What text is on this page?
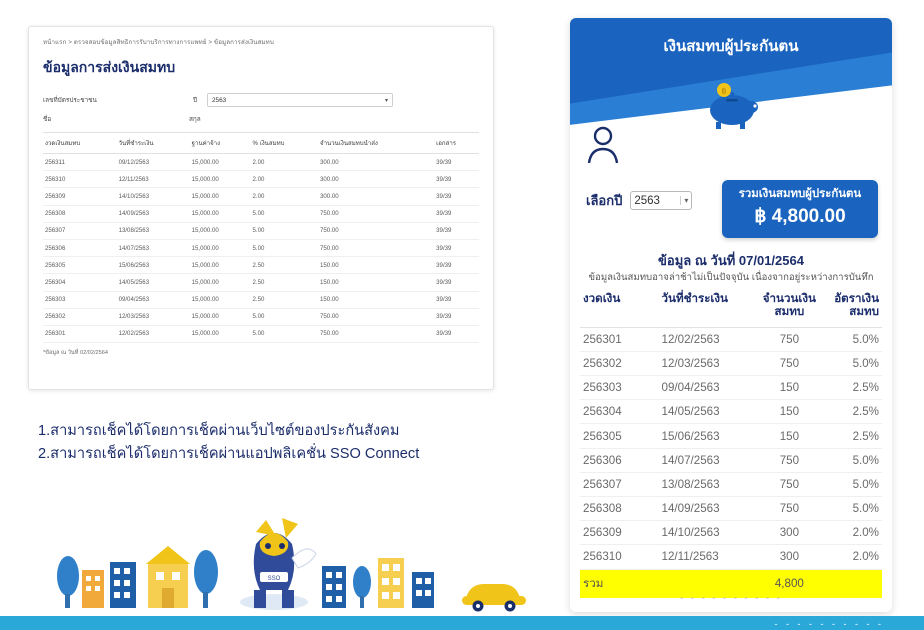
หน้าแรก > ตรวจสอบข้อมูลสิทธิการรับาบริการทางการแพทย์ > ข้อมูลการส่งเงินสมทบ
ข้อมูลการส่งเงินสมทบ
เลขที่บัตรประชาชน	ปี	2563	▾
ชื่อ	สกุล
งวดเงินสมทบ	วันที่ชำระเงิน	ฐานค่าจ้าง	% เงินสมทบ	จำนวนเงินสมทบนำส่ง	เอกสาร
256311	09/12/2563	15,000.00	2.00	300.00	39/39
256310	12/11/2563	15,000.00	2.00	300.00	39/39
256309	14/10/2563	15,000.00	2.00	300.00	39/39
256308	14/09/2563	15,000.00	5.00	750.00	39/39
256307	13/08/2563	15,000.00	5.00	750.00	39/39
256306	14/07/2563	15,000.00	5.00	750.00	39/39
256305	15/06/2563	15,000.00	2.50	150.00	39/39
256304	14/05/2563	15,000.00	2.50	150.00	39/39
256303	09/04/2563	15,000.00	2.50	150.00	39/39
256302	12/03/2563	15,000.00	5.00	750.00	39/39
256301	12/02/2563	15,000.00	5.00	750.00	39/39
*ข้อมูล ณ วันที่ 02/02/2564
1.สามารถเช็คได้โดยการเช็คผ่านเว็บไซต์ของประกันสังคม
2.สามารถเช็คได้โดยการเช็คผ่านแอปพลิเคชั่น SSO Connect
เงินสมทบผู้ประกันตน
฿
เลือกปี 2563	▾
รวมเงินสมทบผู้ประกันตน
฿ 4,800.00
ข้อมูล ณ วันที่ 07/01/2564
ข้อมูลเงินสมทบอาจล่าช้าไม่เป็นปัจจุบัน เนื่องจากอยู่ระหว่างการบันทึก
งวดเงิน	วันที่ชำระเงิน	จำนวนเงิน สมทบ	อัตราเงินสมทบ
256301	12/02/2563	750	5.0%
256302	12/03/2563	750	5.0%
256303	09/04/2563	150	2.5%
256304	14/05/2563	150	2.5%
256305	15/06/2563	150	2.5%
256306	14/07/2563	750	5.0%
256307	13/08/2563	750	5.0%
256308	14/09/2563	750	5.0%
256309	14/10/2563	300	2.0%
256310	12/11/2563	300	2.0%
รวม		4,800	
- - - - - - - - - -
SSO
- - - - - - - - - -
